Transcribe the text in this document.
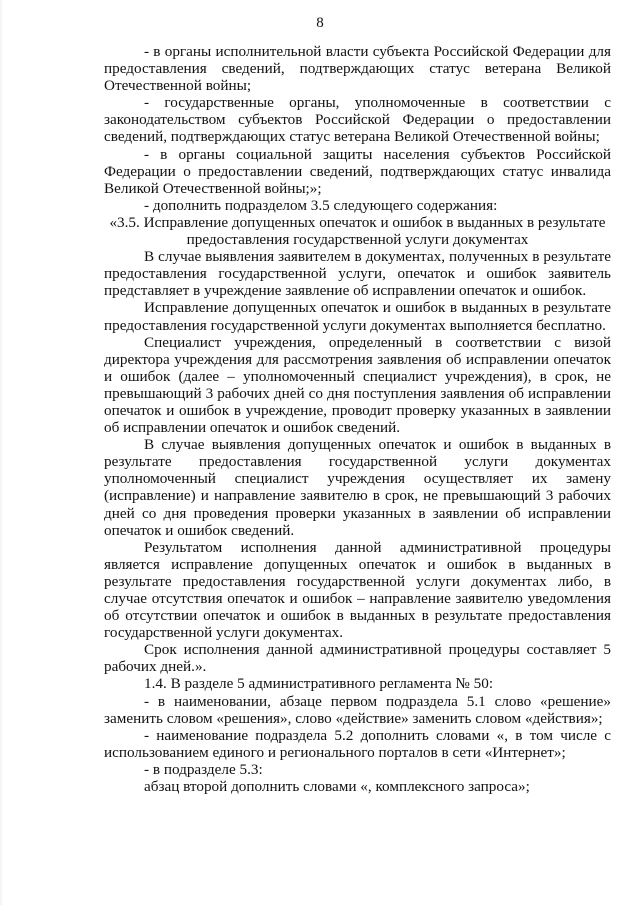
8

- в органы исполнительной власти субъекта Российской Федерации для предоставления сведений, подтверждающих статус ветерана Великой Отечественной войны;

- государственные органы, уполномоченные в соответствии с законодательством субъектов Российской Федерации о предоставлении сведений, подтверждающих статус ветерана Великой Отечественной войны;

- в органы социальной защиты населения субъектов Российской Федерации о предоставлении сведений, подтверждающих статус инвалида Великой Отечественной войны;»;

- дополнить подразделом 3.5 следующего содержания:

«3.5. Исправление допущенных опечаток и ошибок в выданных в результате предоставления государственной услуги документах

В случае выявления заявителем в документах, полученных в результате предоставления государственной услуги, опечаток и ошибок заявитель представляет в учреждение заявление об исправлении опечаток и ошибок.

Исправление допущенных опечаток и ошибок в выданных в результате предоставления государственной услуги документах выполняется бесплатно.

Специалист учреждения, определенный в соответствии с визой директора учреждения для рассмотрения заявления об исправлении опечаток и ошибок (далее – уполномоченный специалист учреждения), в срок, не превышающий 3 рабочих дней со дня поступления заявления об исправлении опечаток и ошибок в учреждение, проводит проверку указанных в заявлении об исправлении опечаток и ошибок сведений.

В случае выявления допущенных опечаток и ошибок в выданных в результате предоставления государственной услуги документах уполномоченный специалист учреждения осуществляет их замену (исправление) и направление заявителю в срок, не превышающий 3 рабочих дней со дня проведения проверки указанных в заявлении об исправлении опечаток и ошибок сведений.

Результатом исполнения данной административной процедуры является исправление допущенных опечаток и ошибок в выданных в результате предоставления государственной услуги документах либо, в случае отсутствия опечаток и ошибок – направление заявителю уведомления об отсутствии опечаток и ошибок в выданных в результате предоставления государственной услуги документах.

Срок исполнения данной административной процедуры составляет 5 рабочих дней.».

1.4. В разделе 5 административного регламента № 50:

- в наименовании, абзаце первом подраздела 5.1 слово «решение» заменить словом «решения», слово «действие» заменить словом «действия»;

- наименование подраздела 5.2 дополнить словами «, в том числе с использованием единого и регионального порталов в сети «Интернет»;

- в подразделе 5.3:

абзац второй дополнить словами «, комплексного запроса»;
